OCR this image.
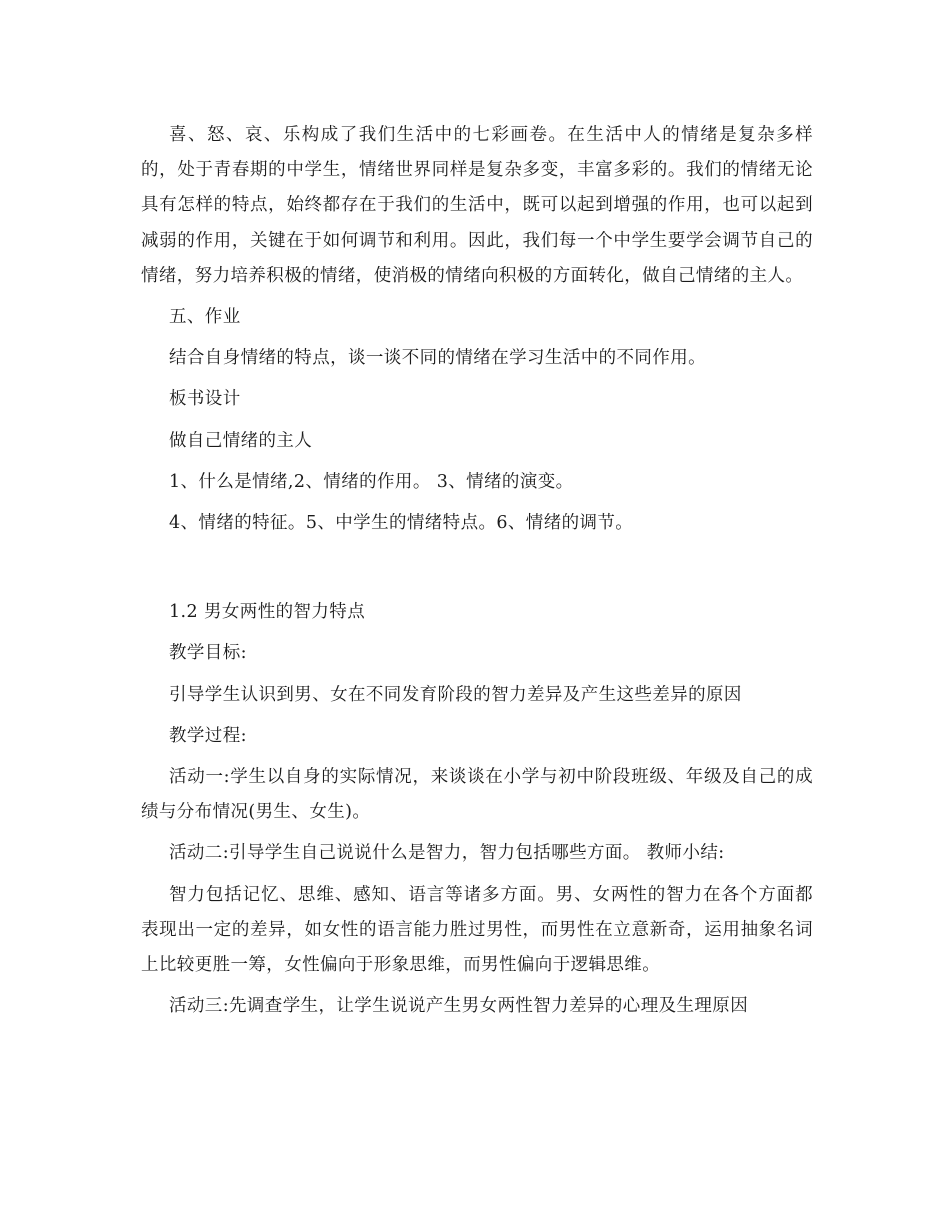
喜、怒、哀、乐构成了我们生活中的七彩画卷。在生活中人的情绪是复杂多样的，处于青春期的中学生，情绪世界同样是复杂多变，丰富多彩的。我们的情绪无论具有怎样的特点，始终都存在于我们的生活中，既可以起到增强的作用，也可以起到减弱的作用，关键在于如何调节和利用。因此，我们每一个中学生要学会调节自己的情绪，努力培养积极的情绪，使消极的情绪向积极的方面转化，做自己情绪的主人。

五、作业

结合自身情绪的特点，谈一谈不同的情绪在学习生活中的不同作用。

板书设计

做自己情绪的主人

1、什么是情绪,2、情绪的作用。 3、情绪的演变。

4、情绪的特征。5、中学生的情绪特点。6、情绪的调节。

1.2 男女两性的智力特点

教学目标:

引导学生认识到男、女在不同发育阶段的智力差异及产生这些差异的原因

教学过程:

活动一:学生以自身的实际情况，来谈谈在小学与初中阶段班级、年级及自己的成绩与分布情况(男生、女生)。

活动二:引导学生自己说说什么是智力，智力包括哪些方面。 教师小结:

智力包括记忆、思维、感知、语言等诸多方面。男、女两性的智力在各个方面都表现出一定的差异，如女性的语言能力胜过男性，而男性在立意新奇，运用抽象名词上比较更胜一筹，女性偏向于形象思维，而男性偏向于逻辑思维。

活动三:先调查学生，让学生说说产生男女两性智力差异的心理及生理原因
